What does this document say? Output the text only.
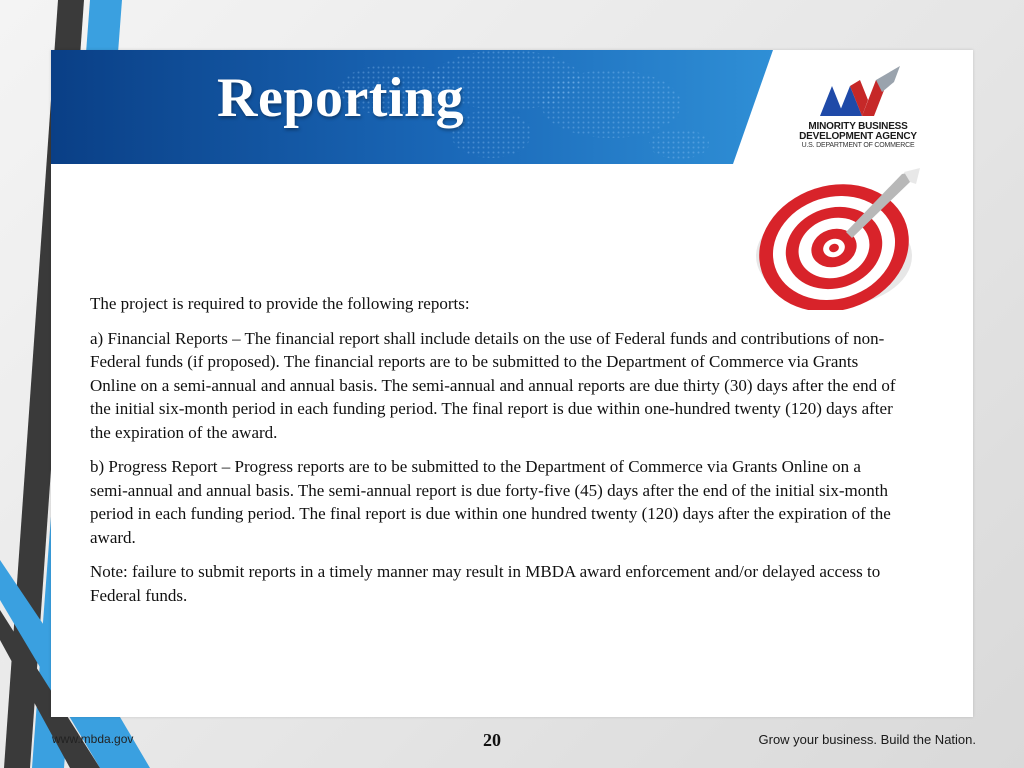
Reporting	MINORITY BUSINESS
DEVELOPMENT AGENCY
U.S. DEPARTMENT OF COMMERCE

The project is required to provide the following reports:

a) Financial Reports – The financial report shall include details on the use of Federal funds and contributions of non-Federal funds (if proposed). The financial reports are to be submitted to the Department of Commerce via Grants Online on a semi-annual and annual basis. The semi-annual and annual reports are due thirty (30) days after the end of the initial six-month period in each funding period. The final report is due within one-hundred twenty (120) days after the expiration of the award.

b) Progress Report – Progress reports are to be submitted to the Department of Commerce via Grants Online on a semi-annual and annual basis. The semi-annual report is due forty-five (45) days after the end of the initial six-month period in each funding period. The final report is due within one hundred twenty (120) days after the expiration of the award.

Note: failure to submit reports in a timely manner may result in MBDA award enforcement and/or delayed access to Federal funds.

www.mbda.gov	20	Grow your business. Build the Nation.
